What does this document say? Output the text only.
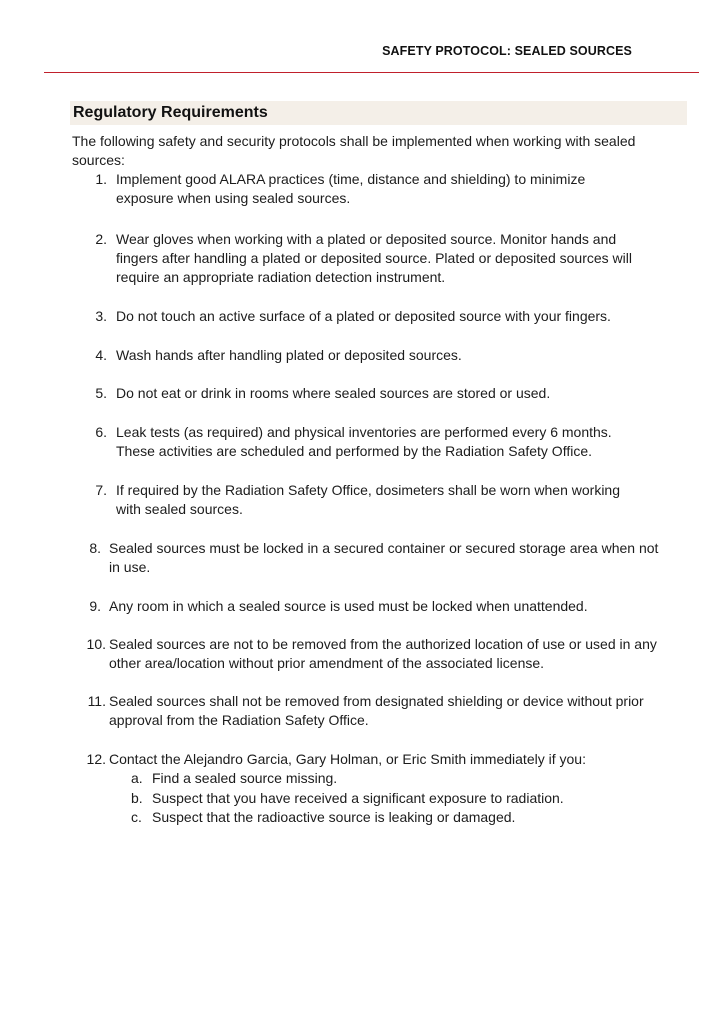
SAFETY PROTOCOL: SEALED SOURCES
Regulatory Requirements
The following safety and security protocols shall be implemented when working with sealed sources:
1. Implement good ALARA practices (time, distance and shielding) to minimize exposure when using sealed sources.
2. Wear gloves when working with a plated or deposited source. Monitor hands and fingers after handling a plated or deposited source. Plated or deposited sources will require an appropriate radiation detection instrument.
3. Do not touch an active surface of a plated or deposited source with your fingers.
4. Wash hands after handling plated or deposited sources.
5. Do not eat or drink in rooms where sealed sources are stored or used.
6. Leak tests (as required) and physical inventories are performed every 6 months. These activities are scheduled and performed by the Radiation Safety Office.
7. If required by the Radiation Safety Office, dosimeters shall be worn when working with sealed sources.
8. Sealed sources must be locked in a secured container or secured storage area when not in use.
9. Any room in which a sealed source is used must be locked when unattended.
10. Sealed sources are not to be removed from the authorized location of use or used in any other area/location without prior amendment of the associated license.
11. Sealed sources shall not be removed from designated shielding or device without prior approval from the Radiation Safety Office.
12. Contact the Alejandro Garcia, Gary Holman, or Eric Smith immediately if you:
a. Find a sealed source missing.
b. Suspect that you have received a significant exposure to radiation.
c. Suspect that the radioactive source is leaking or damaged.
